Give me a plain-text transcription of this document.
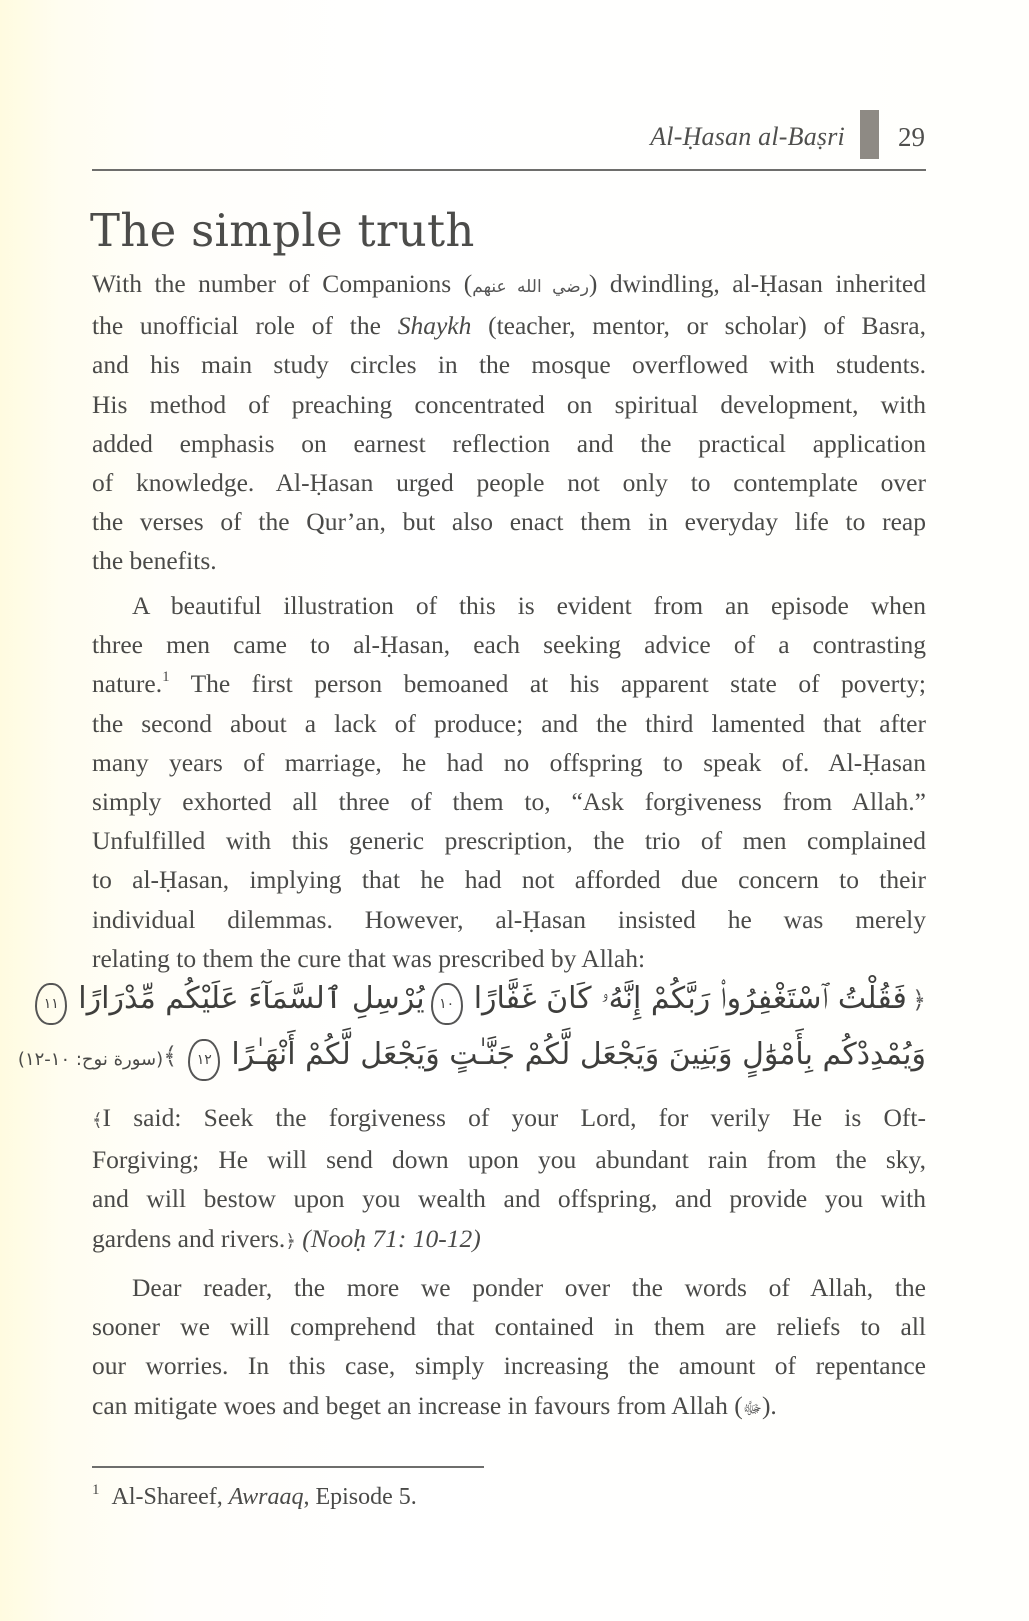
Al-Ḥasan al-Baṣri 29
The simple truth
With the number of Companions (رضي الله عنهم) dwindling, al-Ḥasan inherited
the unofficial role of the Shaykh (teacher, mentor, or scholar) of Basra,
and his main study circles in the mosque overflowed with students.
His method of preaching concentrated on spiritual development, with
added emphasis on earnest reflection and the practical application
of knowledge. Al-Ḥasan urged people not only to contemplate over
the verses of the Qur’an, but also enact them in everyday life to reap
the benefits.
A beautiful illustration of this is evident from an episode when
three men came to al-Ḥasan, each seeking advice of a contrasting
nature.$^1$ The first person bemoaned at his apparent state of poverty;
the second about a lack of produce; and the third lamented that after
many years of marriage, he had no offspring to speak of. Al-Ḥasan
simply exhorted all three of them to, “Ask forgiveness from Allah.”
Unfulfilled with this generic prescription, the trio of men complained
to al-Ḥasan, implying that he had not afforded due concern to their
individual dilemmas. However, al-Ḥasan insisted he was merely
relating to them the cure that was prescribed by Allah:
﴿ فَقُلْتُ ٱسْتَغْفِرُوا۟ رَبَّكُمْ إِنَّهُۥ كَانَ غَفَّارًا ١٠
يُرْسِلِ ٱلسَّمَآءَ عَلَيْكُم مِّدْرَارًا ١١
وَيُمْدِدْكُم بِأَمْوَٰلٍ وَبَنِينَ وَيَجْعَل لَّكُمْ جَنَّـٰتٍ وَيَجْعَل لَّكُمْ أَنْهَـٰرًا ١٢ ﴾
(سورة نوح: ١٠-١٢)
﴾I said: Seek the forgiveness of your Lord, for verily He is Oft-
Forgiving; He will send down upon you abundant rain from the sky,
and will bestow upon you wealth and offspring, and provide you with
gardens and rivers.﴿ (Nooḥ 71: 10-12)
Dear reader, the more we ponder over the words of Allah, the
sooner we will comprehend that contained in them are reliefs to all
our worries. In this case, simply increasing the amount of repentance
can mitigate woes and beget an increase in favours from Allah (ﷻ).
$^1$ Al-Shareef, Awraaq, Episode 5.
